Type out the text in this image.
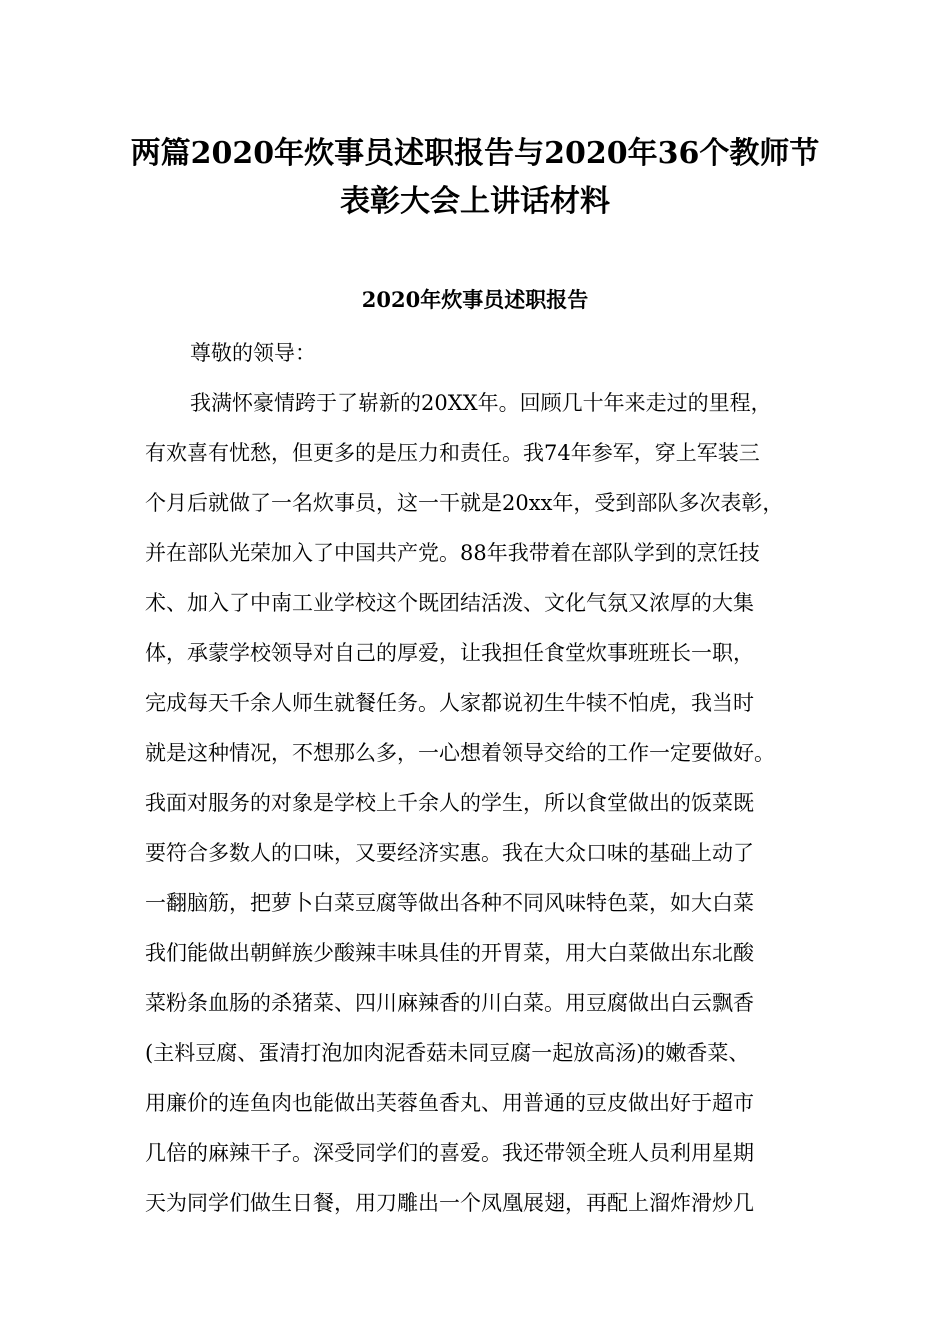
两篇2020年炊事员述职报告与2020年36个教师节
表彰大会上讲话材料
2020年炊事员述职报告
尊敬的领导：
我满怀豪情跨于了崭新的20XX年。回顾几十年来走过的里程，
有欢喜有忧愁，但更多的是压力和责任。我74年参军，穿上军装三
个月后就做了一名炊事员，这一干就是20xx年，受到部队多次表彰，
并在部队光荣加入了中国共产党。88年我带着在部队学到的烹饪技
术、加入了中南工业学校这个既团结活泼、文化气氛又浓厚的大集
体，承蒙学校领导对自己的厚爱，让我担任食堂炊事班班长一职，
完成每天千余人师生就餐任务。人家都说初生牛犊不怕虎，我当时
就是这种情况，不想那么多，一心想着领导交给的工作一定要做好。
我面对服务的对象是学校上千余人的学生，所以食堂做出的饭菜既
要符合多数人的口味，又要经济实惠。我在大众口味的基础上动了
一翻脑筋，把萝卜白菜豆腐等做出各种不同风味特色菜，如大白菜
我们能做出朝鲜族少酸辣丰味具佳的开胃菜，用大白菜做出东北酸
菜粉条血肠的杀猪菜、四川麻辣香的川白菜。用豆腐做出白云飘香
(主料豆腐、蛋清打泡加肉泥香菇未同豆腐一起放高汤)的嫩香菜、
用廉价的连鱼肉也能做出芙蓉鱼香丸、用普通的豆皮做出好于超市
几倍的麻辣干子。深受同学们的喜爱。我还带领全班人员利用星期
天为同学们做生日餐，用刀雕出一个凤凰展翅，再配上溜炸滑炒几
